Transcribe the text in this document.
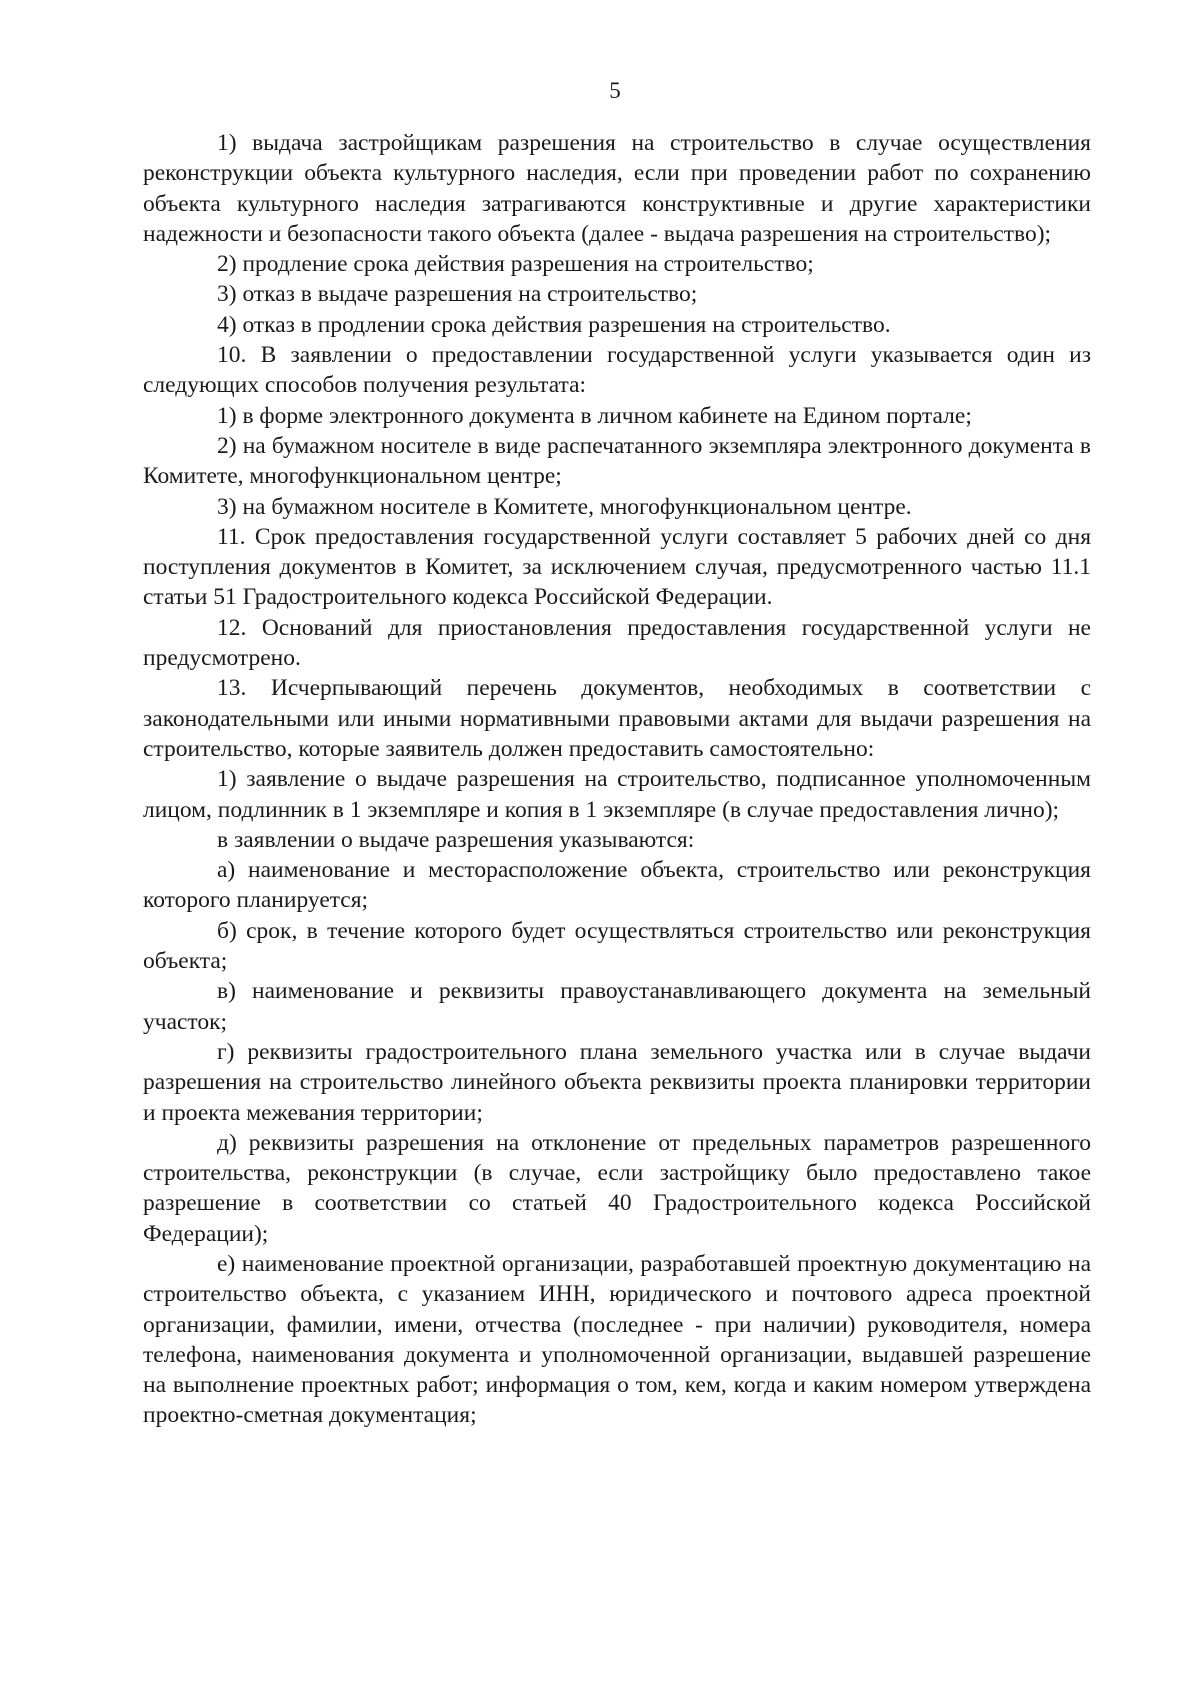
5

1) выдача застройщикам разрешения на строительство в случае осуществления реконструкции объекта культурного наследия, если при проведении работ по сохранению объекта культурного наследия затрагиваются конструктивные и другие характеристики надежности и безопасности такого объекта (далее - выдача разрешения на строительство);

2) продление срока действия разрешения на строительство;

3) отказ в выдаче разрешения на строительство;

4) отказ в продлении срока действия разрешения на строительство.

10. В заявлении о предоставлении государственной услуги указывается один из следующих способов получения результата:

1) в форме электронного документа в личном кабинете на Едином портале;

2) на бумажном носителе в виде распечатанного экземпляра электронного документа в Комитете, многофункциональном центре;

3) на бумажном носителе в Комитете, многофункциональном центре.

11. Срок предоставления государственной услуги составляет 5 рабочих дней со дня поступления документов в Комитет, за исключением случая, предусмотренного частью 11.1 статьи 51 Градостроительного кодекса Российской Федерации.

12. Оснований для приостановления предоставления государственной услуги не предусмотрено.

13. Исчерпывающий перечень документов, необходимых в соответствии с законодательными или иными нормативными правовыми актами для выдачи разрешения на строительство, которые заявитель должен предоставить самостоятельно:

1) заявление о выдаче разрешения на строительство, подписанное уполномоченным лицом, подлинник в 1 экземпляре и копия в 1 экземпляре (в случае предоставления лично);

в заявлении о выдаче разрешения указываются:

а) наименование и месторасположение объекта, строительство или реконструкция которого планируется;

б) срок, в течение которого будет осуществляться строительство или реконструкция объекта;

в) наименование и реквизиты правоустанавливающего документа на земельный участок;

г) реквизиты градостроительного плана земельного участка или в случае выдачи разрешения на строительство линейного объекта реквизиты проекта планировки территории и проекта межевания территории;

д) реквизиты разрешения на отклонение от предельных параметров разрешенного строительства, реконструкции (в случае, если застройщику было предоставлено такое разрешение в соответствии со статьей 40 Градостроительного кодекса Российской Федерации);

е) наименование проектной организации, разработавшей проектную документацию на строительство объекта, с указанием ИНН, юридического и почтового адреса проектной организации, фамилии, имени, отчества (последнее - при наличии) руководителя, номера телефона, наименования документа и уполномоченной организации, выдавшей разрешение на выполнение проектных работ; информация о том, кем, когда и каким номером утверждена проектно-сметная документация;
